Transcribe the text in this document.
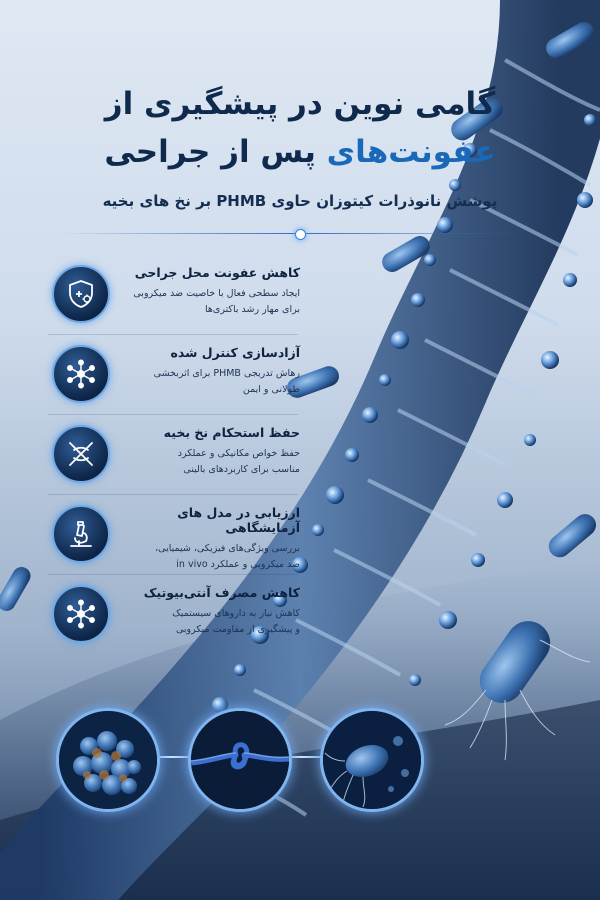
گامی نوین در پیشگیری از
عفونت‌های پس از جراحی
پوشش نانوذرات کیتوزان حاوی PHMB بر نخ های بخیه
کاهش عفونت محل جراحی
ایجاد سطحی فعال با خاصیت ضد میکروبی
برای مهار رشد باکتری‌ها
آزادسازی کنترل شده
رهاش تدریجی PHMB برای اثربخشی
طولانی و ایمن
حفظ استحکام نخ بخیه
حفظ خواص مکانیکی و عملکرد
مناسب برای کاربردهای بالینی
ارزیابی در مدل های آزمایشگاهی
بررسی ویژگی‌های فیزیکی، شیمیایی،
ضد میکروبی و عملکرد in vivo
کاهش مصرف آنتی‌بیوتیک
کاهش نیاز به داروهای سیستمیک
و پیشگیری از مقاومت میکروبی
